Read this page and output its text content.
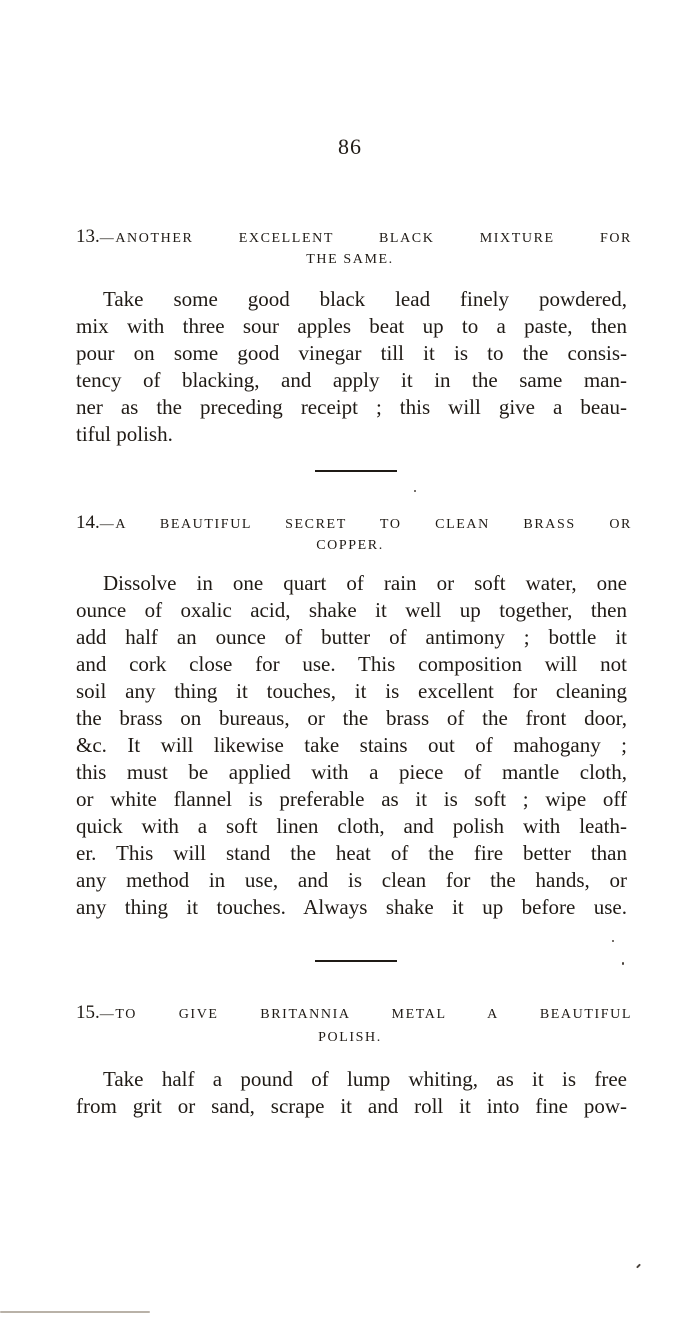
86
13.—ANOTHER EXCELLENT BLACK MIXTURE FOR
THE SAME.
Take some good black lead finely powdered,
mix with three sour apples beat up to a paste, then
pour on some good vinegar till it is to the consis-
tency of blacking, and apply it in the same man-
ner as the preceding receipt ; this will give a beau-
tiful polish.
14.—A BEAUTIFUL SECRET TO CLEAN BRASS OR
COPPER.
Dissolve in one quart of rain or soft water, one
ounce of oxalic acid, shake it well up together, then
add half an ounce of butter of antimony ; bottle it
and cork close for use. This composition will not
soil any thing it touches, it is excellent for cleaning
the brass on bureaus, or the brass of the front door,
&c. It will likewise take stains out of mahogany ;
this must be applied with a piece of mantle cloth,
or white flannel is preferable as it is soft ; wipe off
quick with a soft linen cloth, and polish with leath-
er. This will stand the heat of the fire better than
any method in use, and is clean for the hands, or
any thing it touches. Always shake it up before use.
15.—TO GIVE BRITANNIA METAL A BEAUTIFUL
POLISH.
Take half a pound of lump whiting, as it is free
from grit or sand, scrape it and roll it into fine pow-
